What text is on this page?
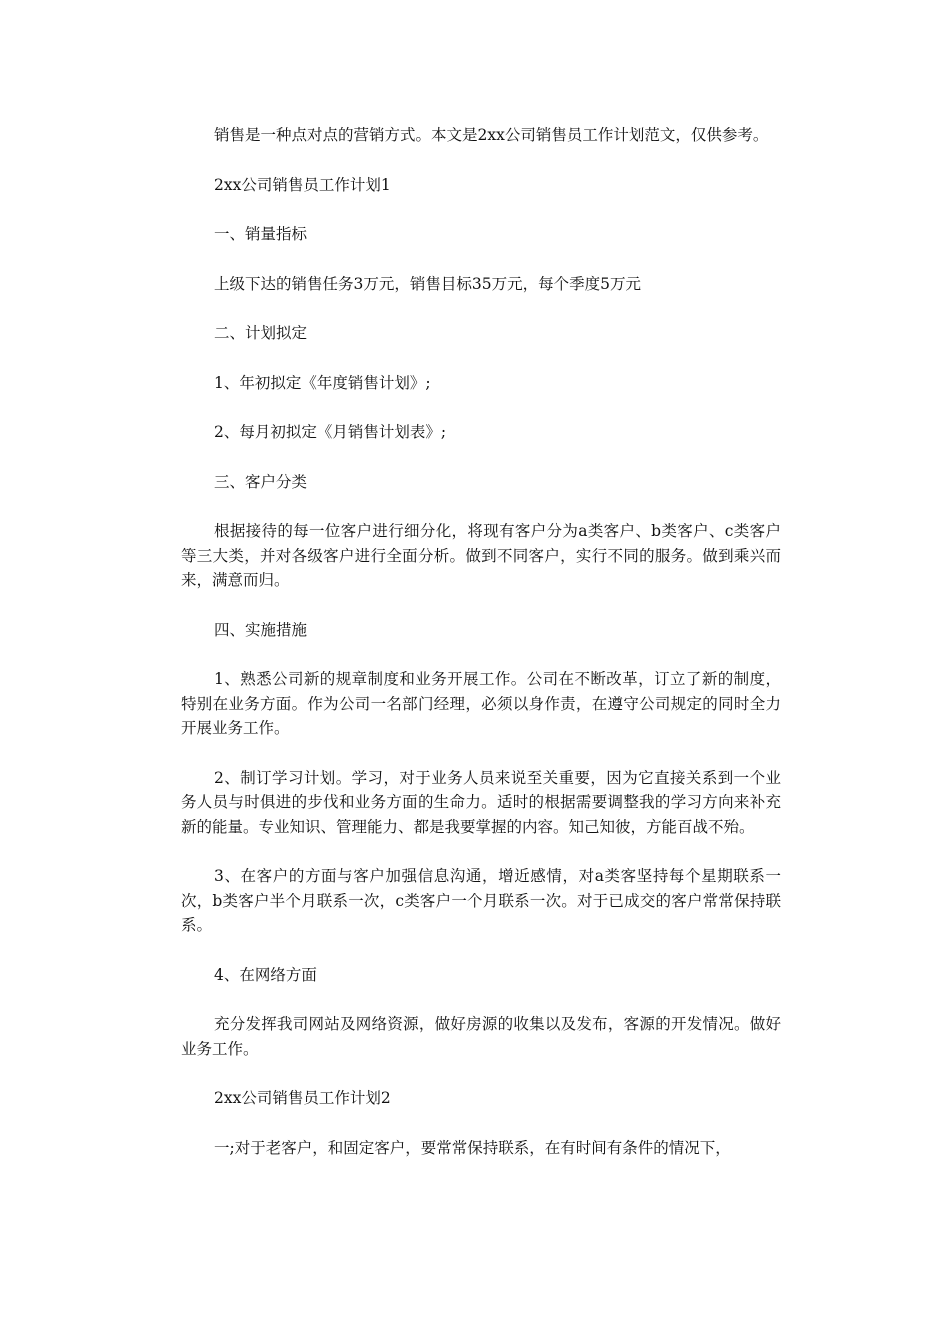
销售是一种点对点的营销方式。本文是2xx公司销售员工作计划范文，仅供参考。

2xx公司销售员工作计划1

一、销量指标

上级下达的销售任务3万元，销售目标35万元，每个季度5万元

二、计划拟定

1、年初拟定《年度销售计划》;

2、每月初拟定《月销售计划表》;

三、客户分类

根据接待的每一位客户进行细分化，将现有客户分为a类客户、b类客户、c类客户等三大类，并对各级客户进行全面分析。做到不同客户，实行不同的服务。做到乘兴而来，满意而归。

四、实施措施

1、熟悉公司新的规章制度和业务开展工作。公司在不断改革，订立了新的制度，特别在业务方面。作为公司一名部门经理，必须以身作责，在遵守公司规定的同时全力开展业务工作。

2、制订学习计划。学习，对于业务人员来说至关重要，因为它直接关系到一个业务人员与时俱进的步伐和业务方面的生命力。适时的根据需要调整我的学习方向来补充新的能量。专业知识、管理能力、都是我要掌握的内容。知己知彼，方能百战不殆。

3、在客户的方面与客户加强信息沟通，增近感情，对a类客坚持每个星期联系一次，b类客户半个月联系一次，c类客户一个月联系一次。对于已成交的客户常常保持联系。

4、在网络方面

充分发挥我司网站及网络资源，做好房源的收集以及发布，客源的开发情况。做好业务工作。

2xx公司销售员工作计划2

一;对于老客户，和固定客户，要常常保持联系，在有时间有条件的情况下，
